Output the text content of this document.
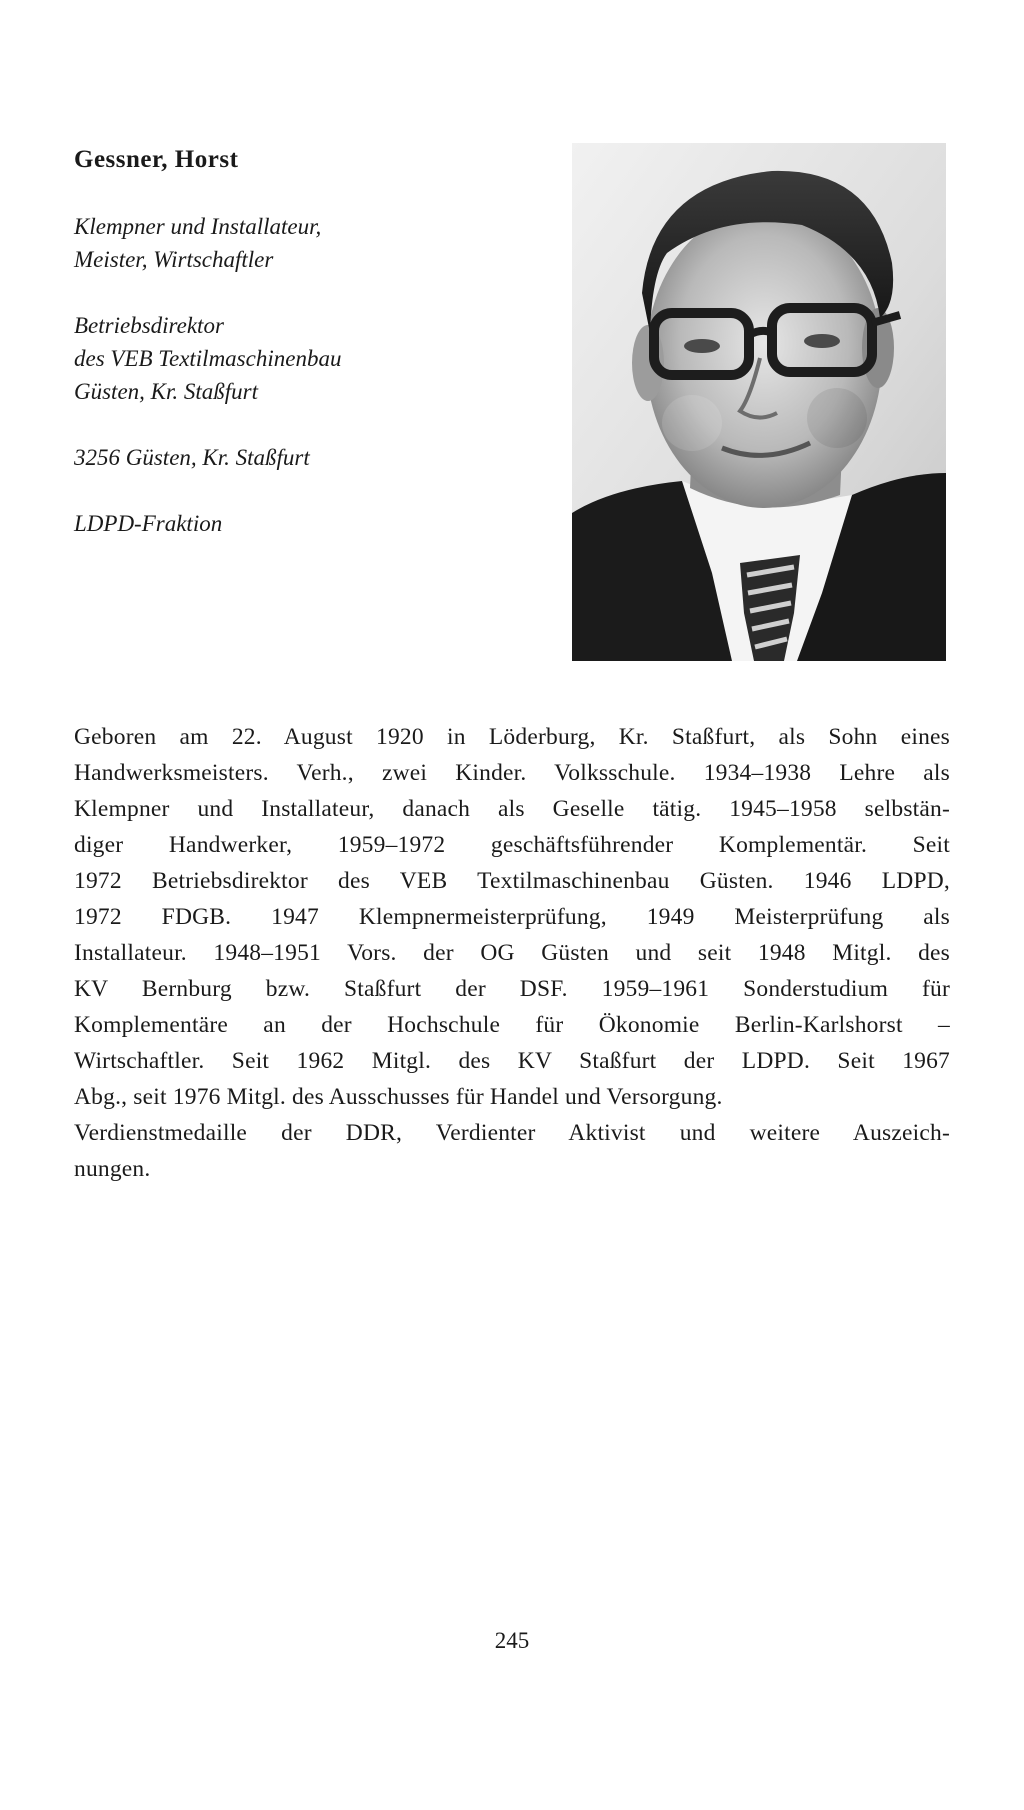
Gessner, Horst
Klempner und Installateur,
Meister, Wirtschaftler
Betriebsdirektor
des VEB Textilmaschinenbau
Güsten, Kr. Staßfurt
3256 Güsten, Kr. Staßfurt
LDPD-Fraktion
Geboren am 22. August 1920 in Löderburg, Kr. Staßfurt, als Sohn eines
Handwerksmeisters. Verh., zwei Kinder. Volksschule. 1934–1938 Lehre als
Klempner und Installateur, danach als Geselle tätig. 1945–1958 selbstän-
diger Handwerker, 1959–1972 geschäftsführender Komplementär. Seit
1972 Betriebsdirektor des VEB Textilmaschinenbau Güsten. 1946 LDPD,
1972 FDGB. 1947 Klempnermeisterprüfung, 1949 Meisterprüfung als
Installateur. 1948–1951 Vors. der OG Güsten und seit 1948 Mitgl. des
KV Bernburg bzw. Staßfurt der DSF. 1959–1961 Sonderstudium für
Komplementäre an der Hochschule für Ökonomie Berlin-Karlshorst –
Wirtschaftler. Seit 1962 Mitgl. des KV Staßfurt der LDPD. Seit 1967
Abg., seit 1976 Mitgl. des Ausschusses für Handel und Versorgung.
Verdienstmedaille der DDR, Verdienter Aktivist und weitere Auszeich-
nungen.
245
